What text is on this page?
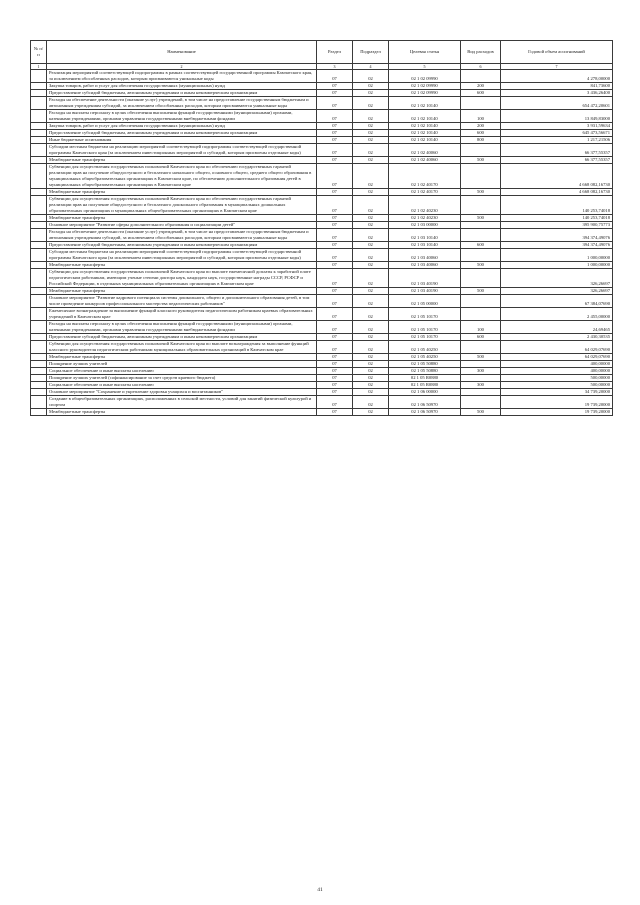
№ п/п	Наименование	Раздел	Подраздел	Целевая статья	Вид расходов	Годовой объем ассигнований
1	2	3	4	5	6	7
	Реализация мероприятий соответствующей подпрограммы в рамках соответствующей государственной программы Камчатского края, за исключением обособленных расходов, которым присваиваются уникальные коды	07	02	02 1 02 09990		4 278,00000
	Закупка товаров, работ и услуг для обеспечения государственных (муниципальных) нужд	07	02	02 1 02 09990	200	841,73600
	Предоставление субсидий бюджетным, автономным учреждениям и иным некоммерческим организациям	07	02	02 1 02 09990	600	3 436,26400
	Расходы на обеспечение деятельности (оказание услуг) учреждений, в том числе на предоставление государственным бюджетным и автономным учреждениям субсидий, за исключением обособленных расходов, которым присваиваются уникальные коды	07	02	02 1 02 10140		654 472,20601
	Расходы на выплаты персоналу в целях обеспечения выполнения функций государственными (муниципальными) органами, казенными учреждениями, органами управления государственными внебюджетными фондами	07	02	02 1 02 10140	100	13 849,83000
	Закупка товаров, работ и услуг для обеспечения государственных (муниципальных) нужд	07	02	02 1 02 10140	200	3 931,59634
	Предоставление субсидий бюджетным, автономным учреждениям и иным некоммерческим организациям	07	02	02 1 02 10140	600	645 473,56671
	Иные бюджетные ассигнования	07	02	02 1 02 10140	800	1 217,21506
	Субсидии местным бюджетам на реализацию мероприятий соответствующей подпрограммы соответствующей государственной программы Камчатского края (за исключением инвестиционных мероприятий и субсидий, которым присвоены отдельные коды)	07	02	02 1 02 40060		66 377,55357
	Межбюджетные трансферты	07	02	02 1 02 40060	500	66 377,55357
	Субвенции для осуществления государственных полномочий Камчатского края по обеспечению государственных гарантий реализации прав на получение общедоступного и бесплатного начального общего, основного общего, среднего общего образования в муниципальных общеобразовательных организациях в Камчатском крае, по обеспечению дополнительного образования детей в муниципальных общеобразовательных организациях в Камчатском крае	07	02	02 1 02 40170		4 668 082,16730
	Межбюджетные трансферты	07	02	02 1 02 40170	500	4 668 082,16730
	Субвенции для осуществления государственных полномочий Камчатского края по обеспечению государственных гарантий реализации прав на получение общедоступного и бесплатного дошкольного образования в муниципальных дошкольных образовательных организациях и муниципальных общеобразовательных организациях в Камчатском крае	07	02	02 1 02 40230		140 253,74018
	Межбюджетные трансферты	07	02	02 1 02 40230	500	140 253,74018
	Основное мероприятие "Развитие сферы дополнительного образования и социализации детей"	07	02	02 1 03 00000		395 900,75773
	Расходы на обеспечение деятельности (оказание услуг) учреждений, в том числе на предоставление государственным бюджетным и автономным учреждениям субсидий, за исключением обособленных расходов, которым присваиваются уникальные коды	07	02	02 1 03 10140		394 374,49076
	Предоставление субсидий бюджетным, автономным учреждениям и иным некоммерческим организациям	07	02	02 1 03 10140	600	394 374,49076
	Субсидии местным бюджетам на реализацию мероприятий соответствующей подпрограммы соответствующей государственной программы Камчатского края (за исключением инвестиционных мероприятий и субсидий, которым присвоены отдельные коды)	07	02	02 1 03 40060		1 000,00000
	Межбюджетные трансферты	07	02	02 1 03 40060	500	1 000,00000
	Субвенции для осуществления государственных полномочий Камчатского края по выплате ежемесячной доплаты к заработной плате педагогическим работникам, имеющим ученые степени доктора наук, кандидата наук, государственные награды СССР, РСФСР и Российской Федерации, в отдельных муниципальных образовательных организациях в Камчатском крае	07	02	02 1 03 40190		326,26697
	Межбюджетные трансферты	07	02	02 1 03 40190	500	326,26697
	Основное мероприятие "Развитие кадрового потенциала системы дошкольного, общего и дополнительного образования детей, в том числе проведение конкурсов профессионального мастерства педагогических работников"	07	02	02 1 05 00000		67 384,07690
	Ежемесячное вознаграждение за выполнение функций классного руководителя педагогическим работникам краевых образовательных учреждений в Камчатском крае	07	02	02 1 05 10170		2 455,00000
	Расходы на выплаты персоналу в целях обеспечения выполнения функций государственными (муниципальными) органами, казенными учреждениями, органами управления государственными внебюджетными фондами	07	02	02 1 05 10170	100	24,69465
	Предоставление субсидий бюджетным, автономным учреждениям и иным некоммерческим организациям	07	02	02 1 05 10170	600	2 430,30535
	Субвенции для осуществления государственных полномочий Камчатского края по выплате вознаграждения за выполнение функций классного руководителя педагогическим работникам муниципальных образовательных организаций в Камчатском крае	07	02	02 1 05 40250		64 029,07690
	Межбюджетные трансферты	07	02	02 1 05 40250	500	64 029,07690
	Поощрение лучших учителей	07	02	02 1 05 50880		400,00000
	Социальное обеспечение и иные выплаты населению	07	02	02 1 05 50880	300	400,00000
	Поощрение лучших учителей (софинансирование за счет средств краевого бюджета)	07	02	02 1 05 R0880		500,00000
	Социальное обеспечение и иные выплаты населению	07	02	02 1 05 R0880	300	500,00000
	Основное мероприятие "Сохранение и укрепление здоровья учащихся и воспитанников"	07	02	02 1 06 00000		34 739,20000
	Создание в общеобразовательных организациях, расположенных в сельской местности, условий для занятий физической культурой и спортом	07	02	02 1 06 50970		19 739,20000
	Межбюджетные трансферты	07	02	02 1 06 50970	500	19 739,20000
41
